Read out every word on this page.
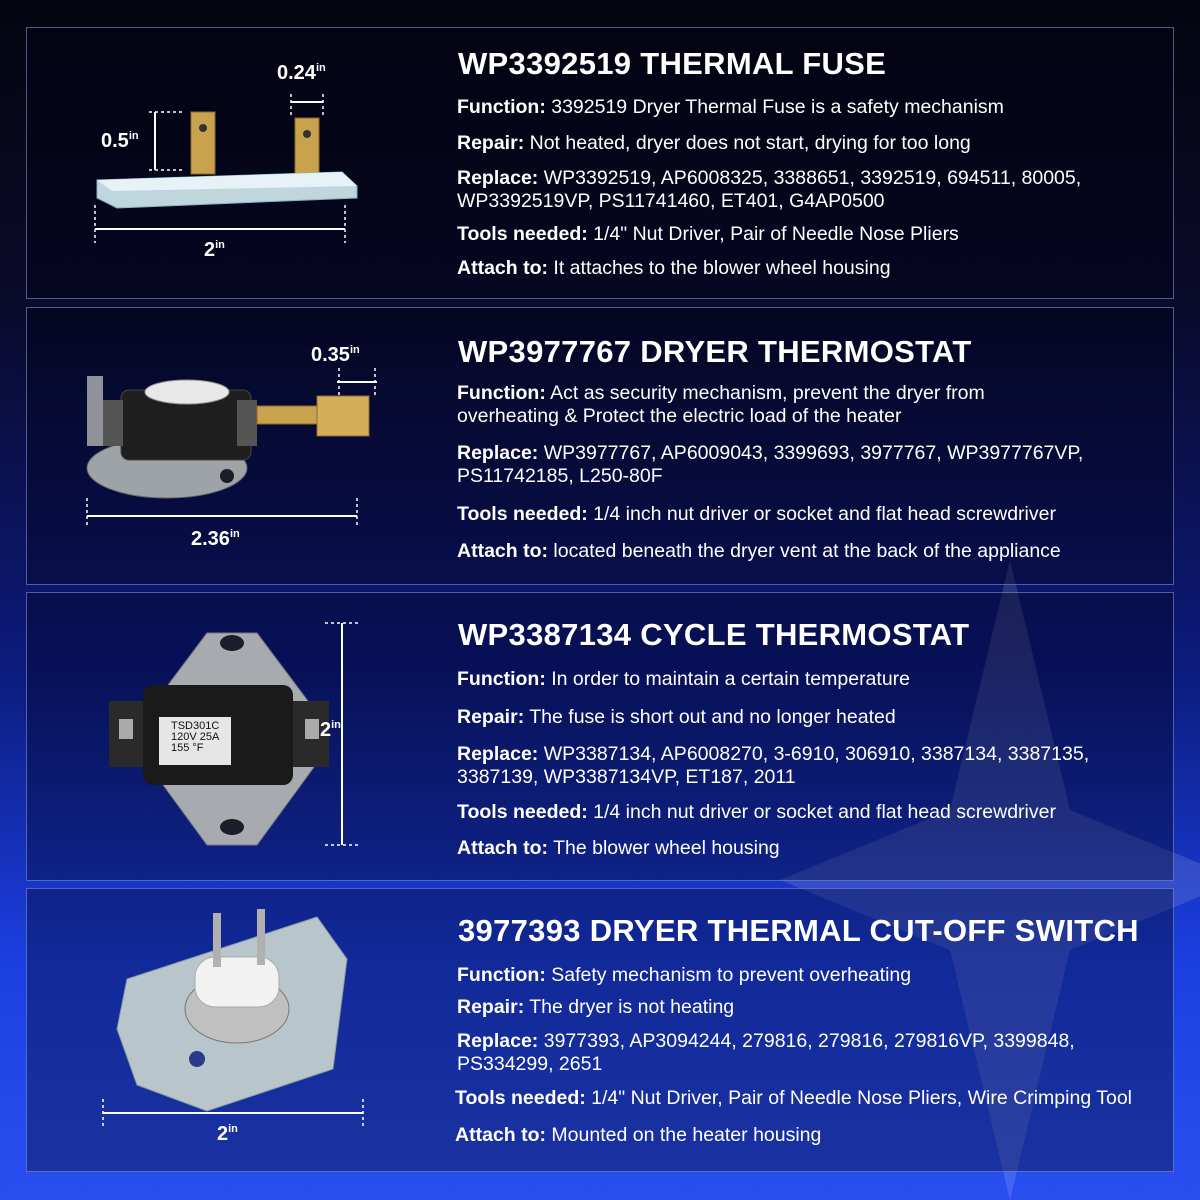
$0.24^{in}$
$0.5^{in}$
$2^{in}$
WP3392519 THERMAL FUSE
Function: 3392519 Dryer Thermal Fuse is a safety mechanism
Repair: Not heated, dryer does not start, drying for too long
Replace: WP3392519, AP6008325, 3388651, 3392519, 694511, 80005,
WP3392519VP, PS11741460, ET401, G4AP0500
Tools needed: 1/4" Nut Driver, Pair of Needle Nose Pliers
Attach to: It attaches to the blower wheel housing
$0.35^{in}$
$2.36^{in}$
WP3977767 DRYER THERMOSTAT
Function: Act as security mechanism, prevent the dryer from
overheating & Protect the electric load of the heater
Replace: WP3977767, AP6009043, 3399693, 3977767, WP3977767VP,
PS11742185, L250-80F
Tools needed: 1/4 inch nut driver or socket and flat head screwdriver
Attach to: located beneath the dryer vent at the back of the appliance
TSD301C
120V 25A
155 °F
$2^{in}$
WP3387134 CYCLE THERMOSTAT
Function: In order to maintain a certain temperature
Repair: The fuse is short out and no longer heated
Replace: WP3387134, AP6008270, 3-6910, 306910, 3387134, 3387135,
3387139, WP3387134VP, ET187, 2011
Tools needed: 1/4 inch nut driver or socket and flat head screwdriver
Attach to: The blower wheel housing
$2^{in}$
3977393 DRYER THERMAL CUT-OFF SWITCH
Function: Safety mechanism to prevent overheating
Repair: The dryer is not heating
Replace: 3977393, AP3094244, 279816, 279816, 279816VP, 3399848,
PS334299, 2651
Tools needed: 1/4" Nut Driver, Pair of Needle Nose Pliers, Wire Crimping Tool
Attach to: Mounted on the heater housing
